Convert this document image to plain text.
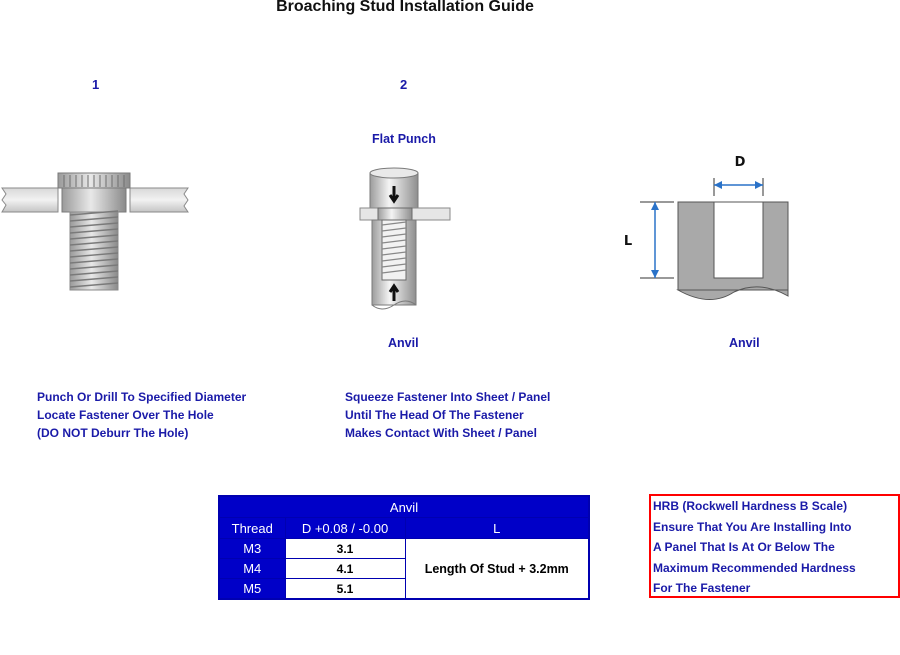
Broaching Stud Installation Guide
1	2
Flat Punch
Anvil
D
L
Anvil
Punch Or Drill To Specified Diameter
Locate Fastener Over The Hole
(DO NOT Deburr The Hole)
Squeeze Fastener Into Sheet / Panel
Until The Head Of The Fastener
Makes Contact With Sheet / Panel
Anvil		
Thread	D +0.08 / -0.00	L
M3	3.1	Length Of Stud + 3.2mm
M4	4.1	
M5	5.1	
HRB (Rockwell Hardness B Scale)
Ensure That You Are Installing Into
A Panel That Is At Or Below The
Maximum Recommended Hardness
For The Fastener
